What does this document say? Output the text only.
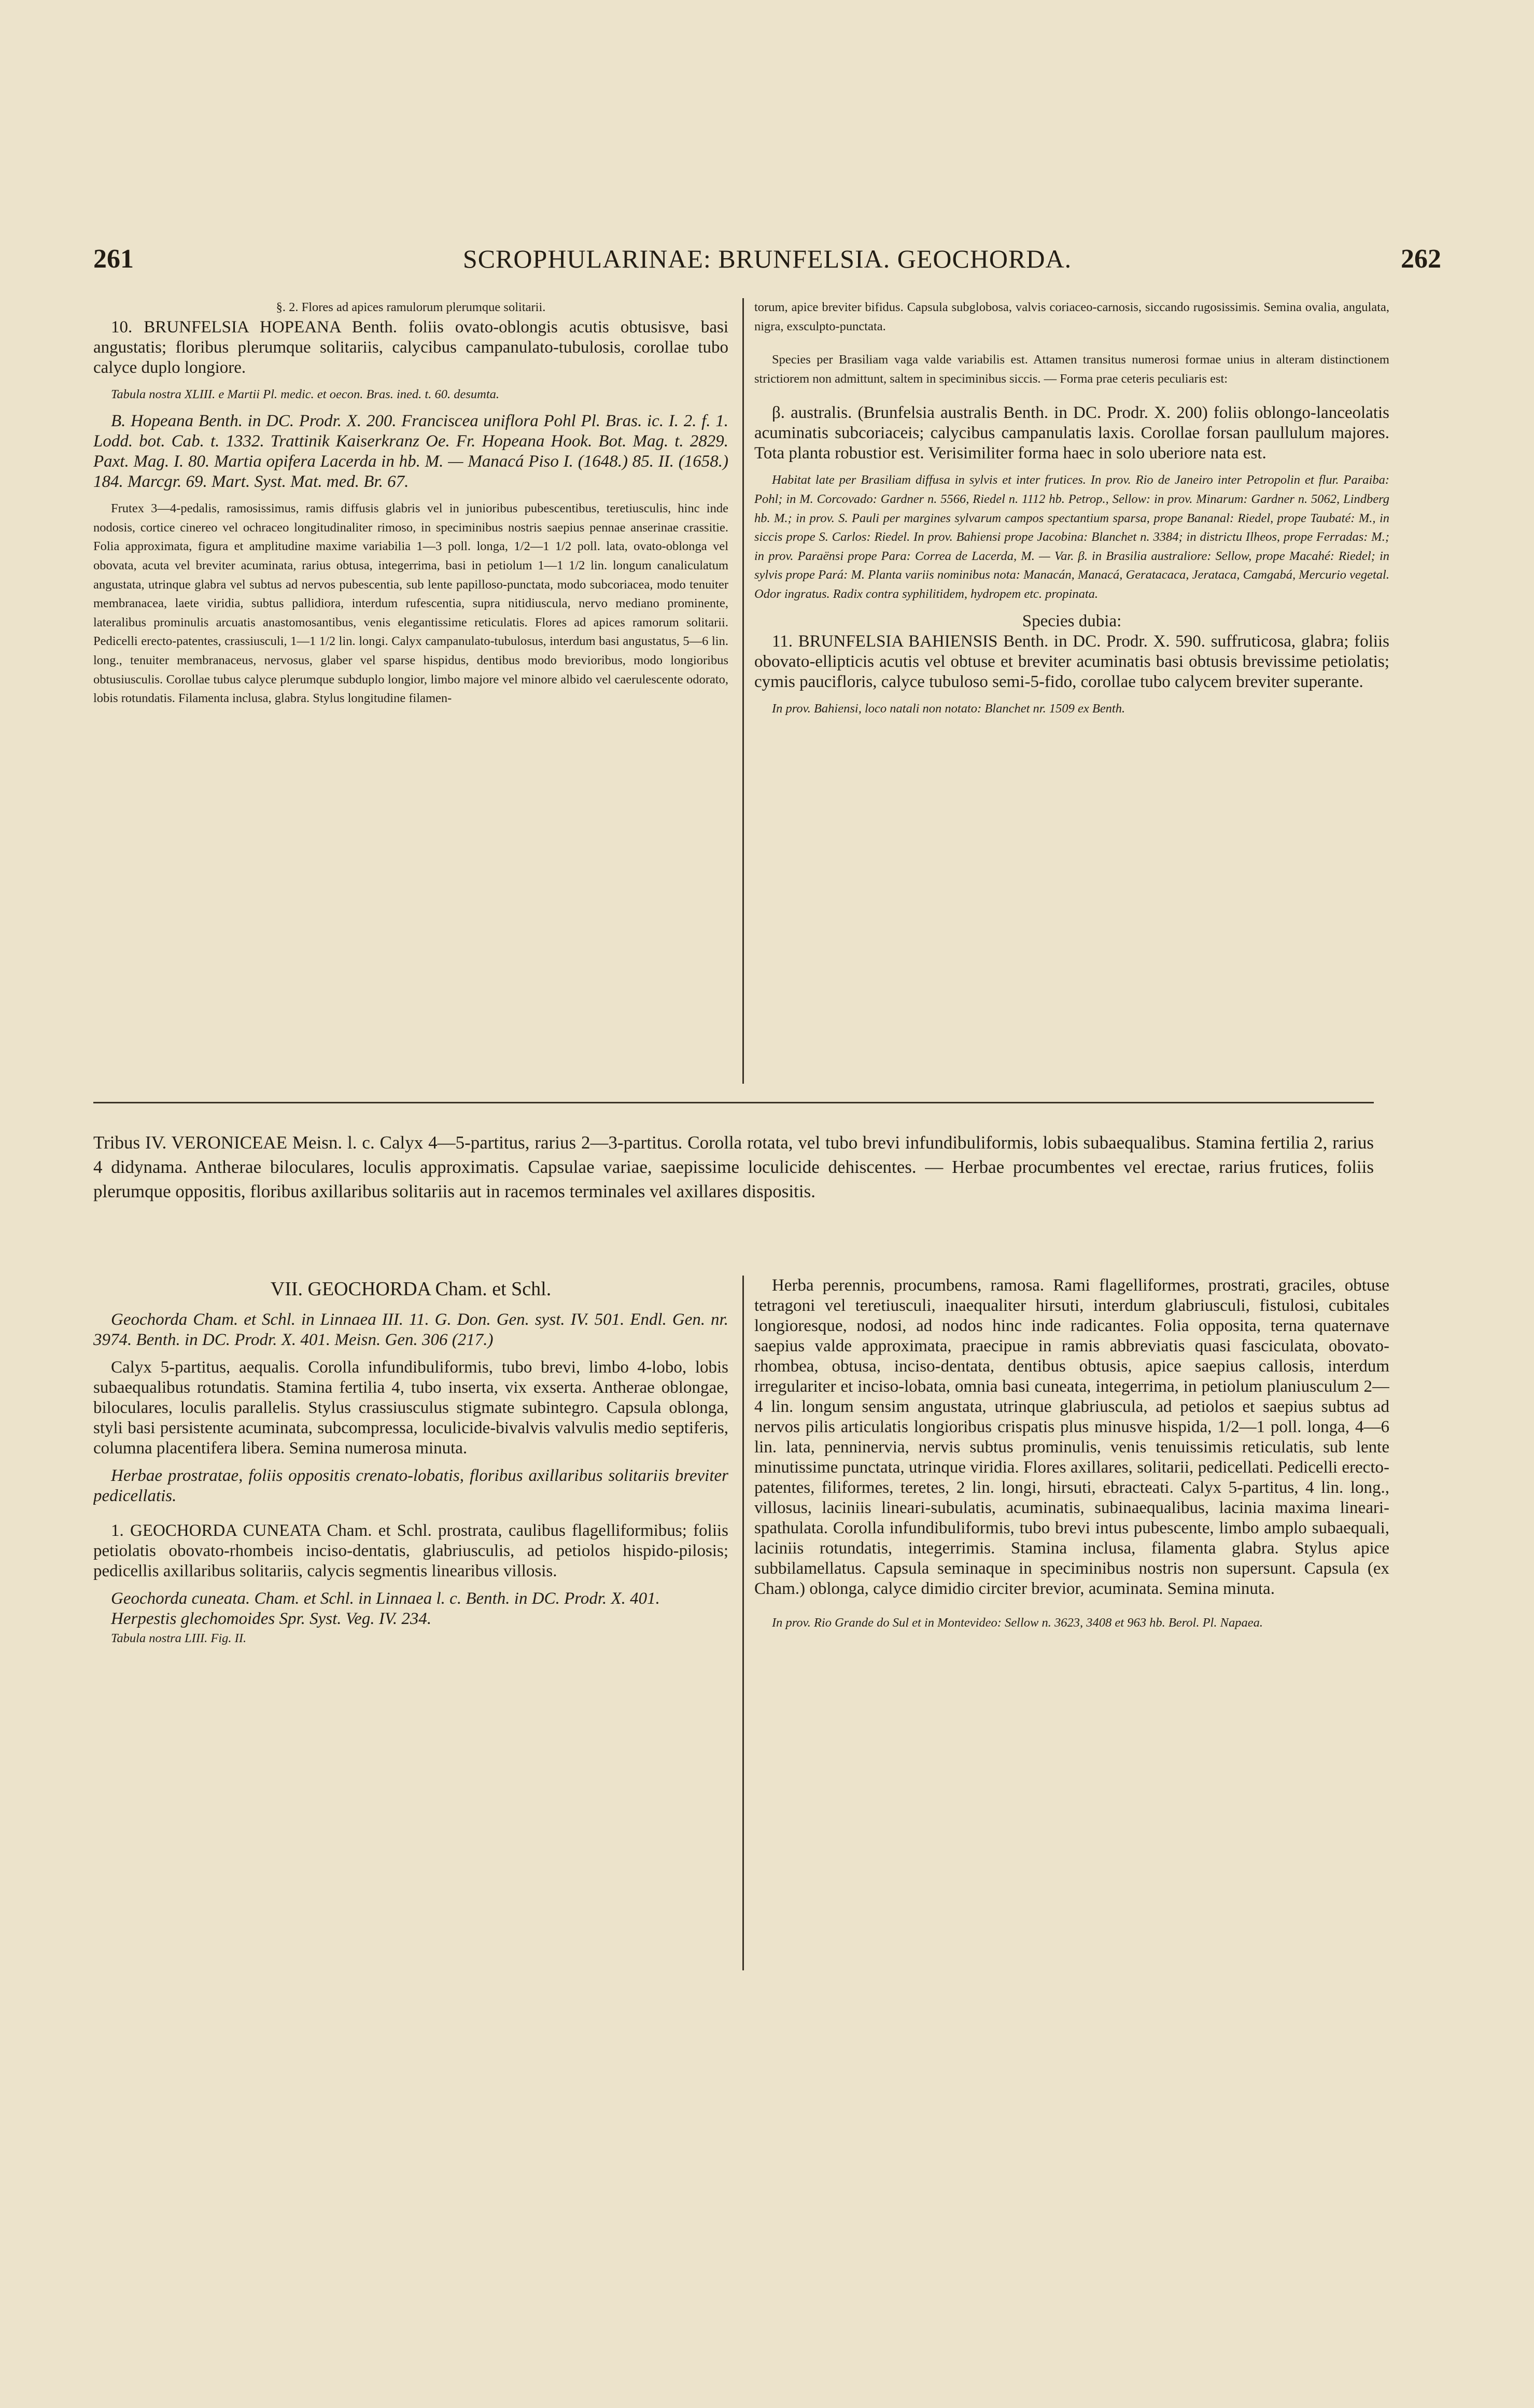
261	SCROPHULARINAE: BRUNFELSIA. GEOCHORDA.	262

§. 2. Flores ad apices ramulorum plerumque solitarii.

10. BRUNFELSIA HOPEANA Benth. foliis ovato-oblongis acutis obtusisve, basi angustatis; floribus plerumque solitariis, calycibus campanulato-tubulosis, corollae tubo calyce duplo longiore.

Tabula nostra XLIII. e Martii Pl. medic. et oecon. Bras. ined. t. 60. desumta.

B. Hopeana Benth. in DC. Prodr. X. 200. Franciscea uniflora Pohl Pl. Bras. ic. I. 2. f. 1. Lodd. bot. Cab. t. 1332. Trattinik Kaiserkranz Oe. Fr. Hopeana Hook. Bot. Mag. t. 2829. Paxt. Mag. I. 80. Martia opifera Lacerda in hb. M. — Manacá Piso I. (1648.) 85. II. (1658.) 184. Marcgr. 69. Mart. Syst. Mat. med. Br. 67.

Frutex 3—4-pedalis, ramosissimus, ramis diffusis glabris vel in junioribus pubescentibus, teretiusculis, hinc inde nodosis, cortice cinereo vel ochraceo longitudinaliter rimoso, in speciminibus nostris saepius pennae anserinae crassitie. Folia approximata, figura et amplitudine maxime variabilia 1—3 poll. longa, 1/2—1 1/2 poll. lata, ovato-oblonga vel obovata, acuta vel breviter acuminata, rarius obtusa, integerrima, basi in petiolum 1—1 1/2 lin. longum canaliculatum angustata, utrinque glabra vel subtus ad nervos pubescentia, sub lente papilloso-punctata, modo subcoriacea, modo tenuiter membranacea, laete viridia, subtus pallidiora, interdum rufescentia, supra nitidiuscula, nervo mediano prominente, lateralibus prominulis arcuatis anastomosantibus, venis elegantissime reticulatis. Flores ad apices ramorum solitarii. Pedicelli erecto-patentes, crassiusculi, 1—1 1/2 lin. longi. Calyx campanulato-tubulosus, interdum basi angustatus, 5—6 lin. long., tenuiter membranaceus, nervosus, glaber vel sparse hispidus, dentibus modo brevioribus, modo longioribus obtusiusculis. Corollae tubus calyce plerumque subduplo longior, limbo majore vel minore albido vel caerulescente odorato, lobis rotundatis. Filamenta inclusa, glabra. Stylus longitudine filamen-

torum, apice breviter bifidus. Capsula subglobosa, valvis coriaceo-carnosis, siccando rugosissimis. Semina ovalia, angulata, nigra, exsculpto-punctata.

Species per Brasiliam vaga valde variabilis est. Attamen transitus numerosi formae unius in alteram distinctionem strictiorem non admittunt, saltem in speciminibus siccis. — Forma prae ceteris peculiaris est:

β. australis. (Brunfelsia australis Benth. in DC. Prodr. X. 200) foliis oblongo-lanceolatis acuminatis subcoriaceis; calycibus campanulatis laxis. Corollae forsan paullulum majores. Tota planta robustior est. Verisimiliter forma haec in solo uberiore nata est.

Habitat late per Brasiliam diffusa in sylvis et inter frutices. In prov. Rio de Janeiro inter Petropolin et flur. Paraiba: Pohl; in M. Corcovado: Gardner n. 5566, Riedel n. 1112 hb. Petrop., Sellow: in prov. Minarum: Gardner n. 5062, Lindberg hb. M.; in prov. S. Pauli per margines sylvarum campos spectantium sparsa, prope Bananal: Riedel, prope Taubaté: M., in siccis prope S. Carlos: Riedel. In prov. Bahiensi prope Jacobina: Blanchet n. 3384; in districtu Ilheos, prope Ferradas: M.; in prov. Paraënsi prope Para: Correa de Lacerda, M. — Var. β. in Brasilia australiore: Sellow, prope Macahé: Riedel; in sylvis prope Pará: M. Planta variis nominibus nota: Manacán, Manacá, Geratacaca, Jerataca, Camgabá, Mercurio vegetal. Odor ingratus. Radix contra syphilitidem, hydropem etc. propinata.

Species dubia:

11. BRUNFELSIA BAHIENSIS Benth. in DC. Prodr. X. 590. suffruticosa, glabra; foliis obovato-ellipticis acutis vel obtuse et breviter acuminatis basi obtusis brevissime petiolatis; cymis paucifloris, calyce tubuloso semi-5-fido, corollae tubo calycem breviter superante.

In prov. Bahiensi, loco natali non notato: Blanchet nr. 1509 ex Benth.

Tribus IV. VERONICEAE Meisn. l. c. Calyx 4—5-partitus, rarius 2—3-partitus. Corolla rotata, vel tubo brevi infundibuliformis, lobis subaequalibus. Stamina fertilia 2, rarius 4 didynama. Antherae biloculares, loculis approximatis. Capsulae variae, saepissime loculicide dehiscentes. — Herbae procumbentes vel erectae, rarius frutices, foliis plerumque oppositis, floribus axillaribus solitariis aut in racemos terminales vel axillares dispositis.

VII. GEOCHORDA Cham. et Schl.

Geochorda Cham. et Schl. in Linnaea III. 11. G. Don. Gen. syst. IV. 501. Endl. Gen. nr. 3974. Benth. in DC. Prodr. X. 401. Meisn. Gen. 306 (217.)

Calyx 5-partitus, aequalis. Corolla infundibuliformis, tubo brevi, limbo 4-lobo, lobis subaequalibus rotundatis. Stamina fertilia 4, tubo inserta, vix exserta. Antherae oblongae, biloculares, loculis parallelis. Stylus crassiusculus stigmate subintegro. Capsula oblonga, styli basi persistente acuminata, subcompressa, loculicide-bivalvis valvulis medio septiferis, columna placentifera libera. Semina numerosa minuta.

Herbae prostratae, foliis oppositis crenato-lobatis, floribus axillaribus solitariis breviter pedicellatis.

1. GEOCHORDA CUNEATA Cham. et Schl. prostrata, caulibus flagelliformibus; foliis petiolatis obovato-rhombeis inciso-dentatis, glabriusculis, ad petiolos hispido-pilosis; pedicellis axillaribus solitariis, calycis segmentis linearibus villosis.

Geochorda cuneata. Cham. et Schl. in Linnaea l. c. Benth. in DC. Prodr. X. 401.

Herpestis glechomoides Spr. Syst. Veg. IV. 234.

Tabula nostra LIII. Fig. II.

Herba perennis, procumbens, ramosa. Rami flagelliformes, prostrati, graciles, obtuse tetragoni vel teretiusculi, inaequaliter hirsuti, interdum glabriusculi, fistulosi, cubitales longioresque, nodosi, ad nodos hinc inde radicantes. Folia opposita, terna quaternave saepius valde approximata, praecipue in ramis abbreviatis quasi fasciculata, obovato-rhombea, obtusa, inciso-dentata, dentibus obtusis, apice saepius callosis, interdum irregulariter et inciso-lobata, omnia basi cuneata, integerrima, in petiolum planiusculum 2—4 lin. longum sensim angustata, utrinque glabriuscula, ad petiolos et saepius subtus ad nervos pilis articulatis longioribus crispatis plus minusve hispida, 1/2—1 poll. longa, 4—6 lin. lata, penninervia, nervis subtus prominulis, venis tenuissimis reticulatis, sub lente minutissime punctata, utrinque viridia. Flores axillares, solitarii, pedicellati. Pedicelli erecto-patentes, filiformes, teretes, 2 lin. longi, hirsuti, ebracteati. Calyx 5-partitus, 4 lin. long., villosus, laciniis lineari-subulatis, acuminatis, subinaequalibus, lacinia maxima lineari-spathulata. Corolla infundibuliformis, tubo brevi intus pubescente, limbo amplo subaequali, laciniis rotundatis, integerrimis. Stamina inclusa, filamenta glabra. Stylus apice subbilamellatus. Capsula seminaque in speciminibus nostris non supersunt. Capsula (ex Cham.) oblonga, calyce dimidio circiter brevior, acuminata. Semina minuta.

In prov. Rio Grande do Sul et in Montevideo: Sellow n. 3623, 3408 et 963 hb. Berol. Pl. Napaea.
